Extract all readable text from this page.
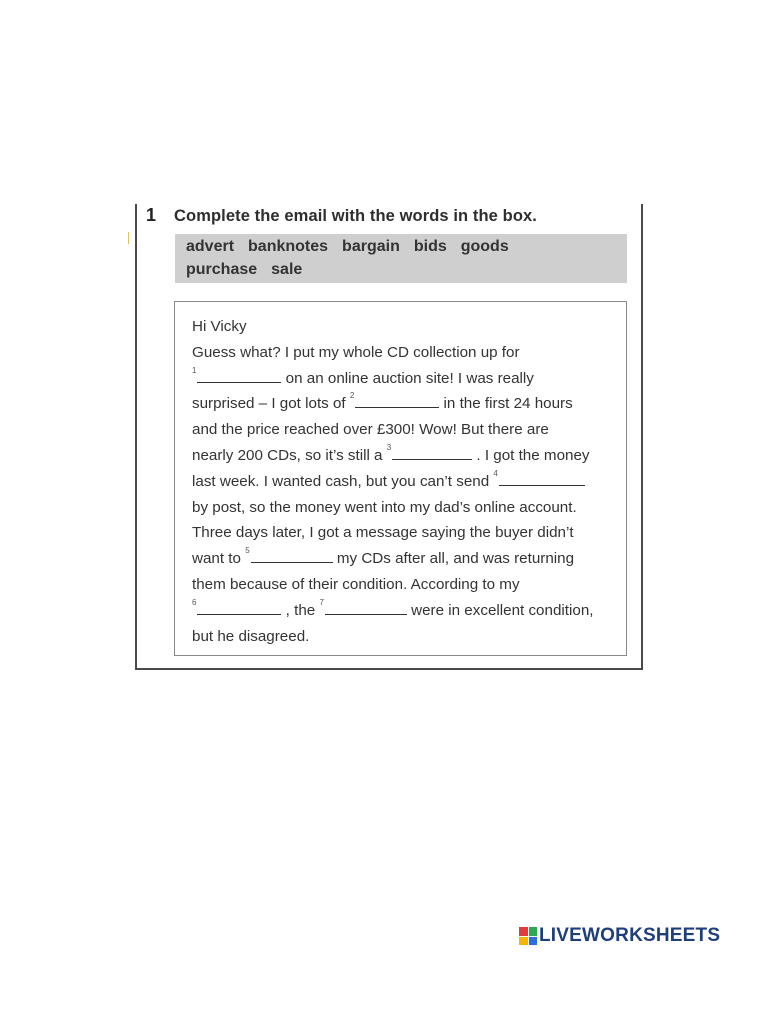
1 Complete the email with the words in the box.
advert banknotes bargain bids goods
purchase sale
Hi Vicky
Guess what? I put my whole CD collection up for
$^1$	on an online auction site! I was really
surprised – I got lots of $^2$	in the first 24 hours
and the price reached over £300! Wow! But there are
nearly 200 CDs, so it’s still a $^3$	. I got the money
last week. I wanted cash, but you can’t send $^4$
by post, so the money went into my dad’s online account.
Three days later, I got a message saying the buyer didn’t
want to $^5$	my CDs after all, and was returning
them because of their condition. According to my
$^6$	, the $^7$	were in excellent condition,
but he disagreed.
LIVEWORKSHEETS
